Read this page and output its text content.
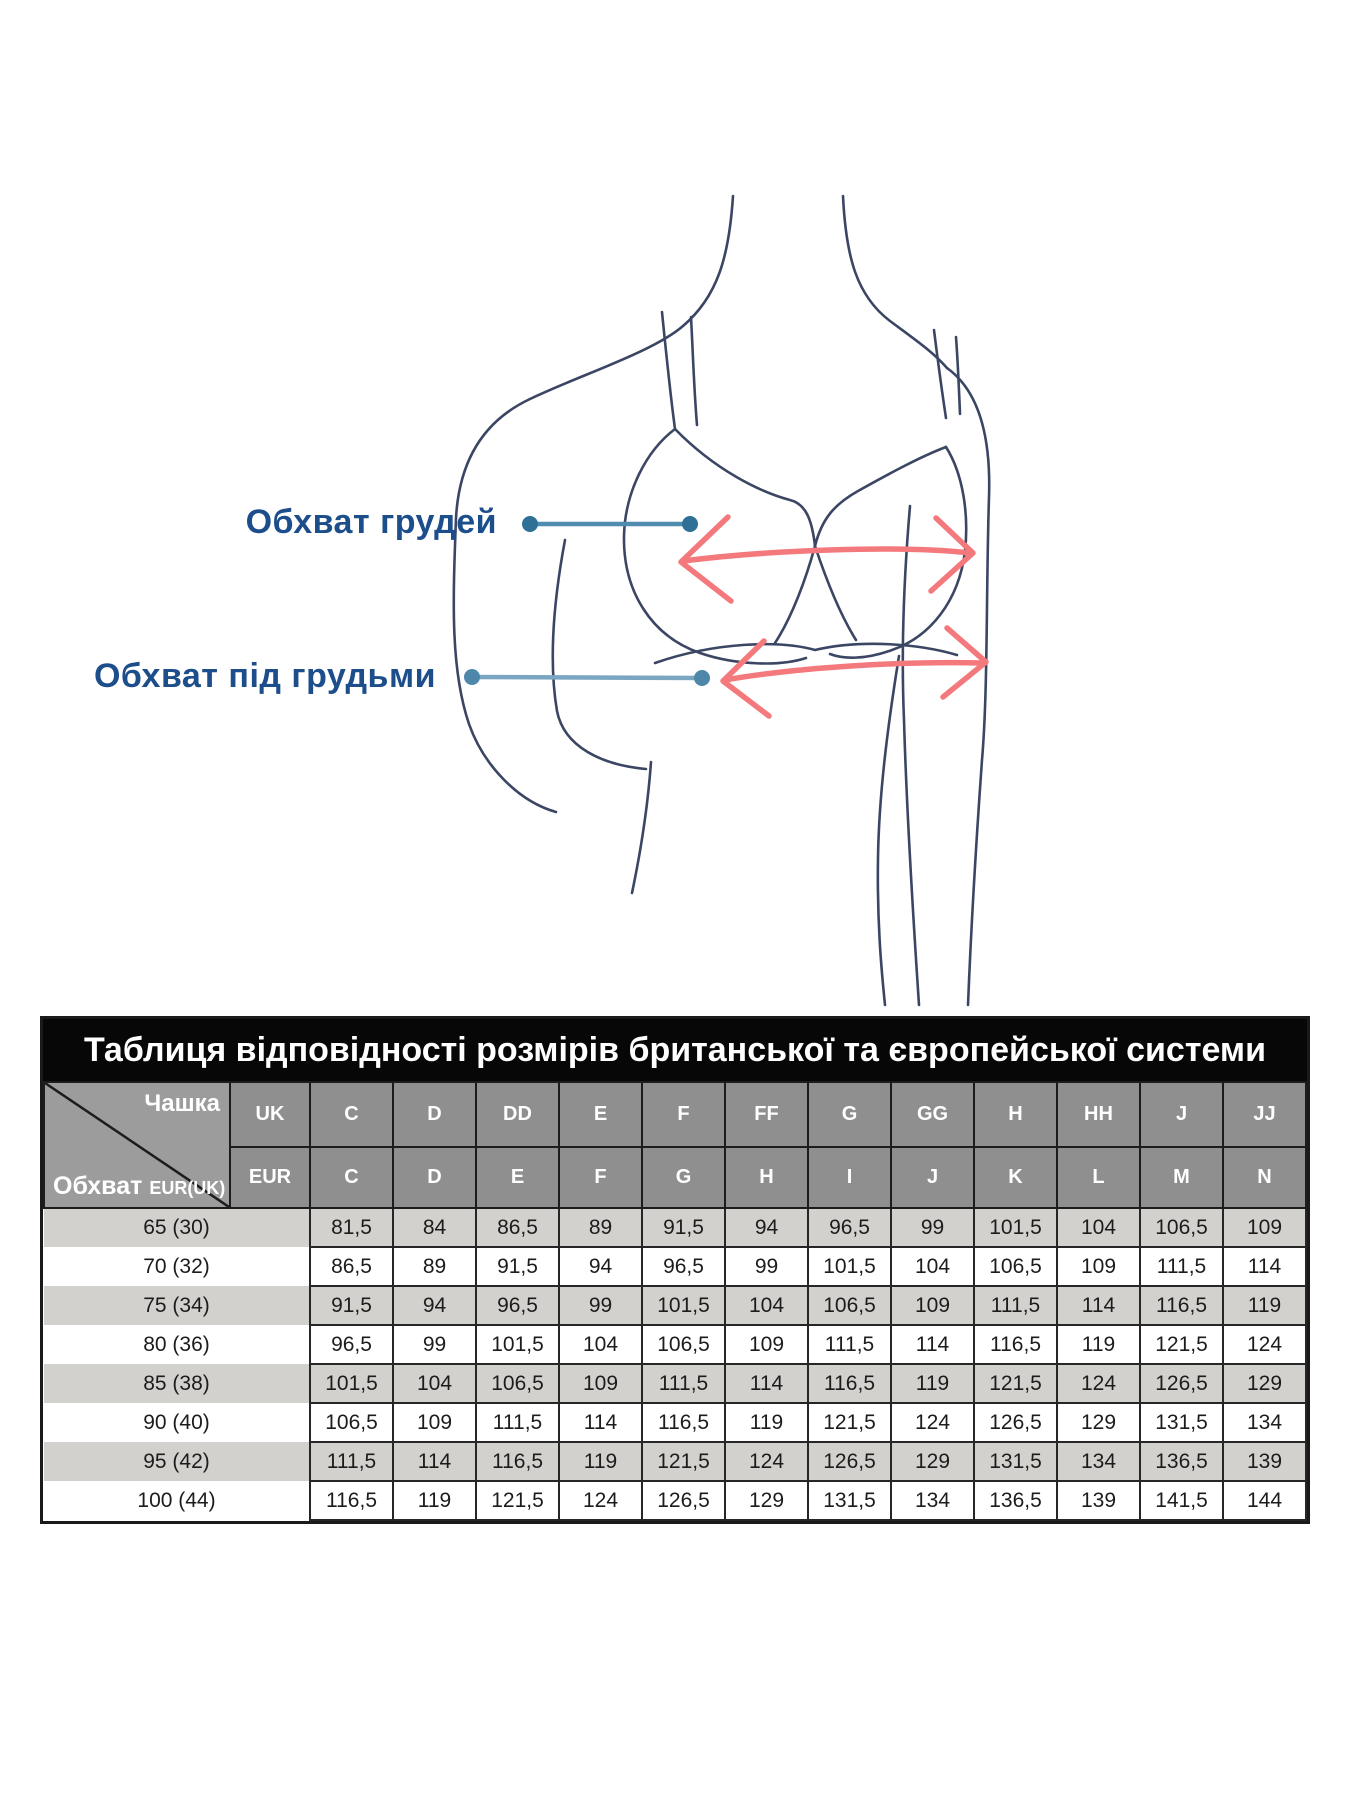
Обхват грудей
Обхват під грудьми
Таблиця відповідності розмірів британської та європейської системи
Чашка
Обхват EUR(UK)	UK	C	D	DD	E	F	FF	G	GG	H	HH	J	JJ
	EUR	C	D	E	F	G	H	I	J	K	L	M	N
65 (30)		81,5	84	86,5	89	91,5	94	96,5	99	101,5	104	106,5	109
70 (32)		86,5	89	91,5	94	96,5	99	101,5	104	106,5	109	111,5	114
75 (34)		91,5	94	96,5	99	101,5	104	106,5	109	111,5	114	116,5	119
80 (36)		96,5	99	101,5	104	106,5	109	111,5	114	116,5	119	121,5	124
85 (38)		101,5	104	106,5	109	111,5	114	116,5	119	121,5	124	126,5	129
90 (40)		106,5	109	111,5	114	116,5	119	121,5	124	126,5	129	131,5	134
95 (42)		111,5	114	116,5	119	121,5	124	126,5	129	131,5	134	136,5	139
100 (44)		116,5	119	121,5	124	126,5	129	131,5	134	136,5	139	141,5	144
